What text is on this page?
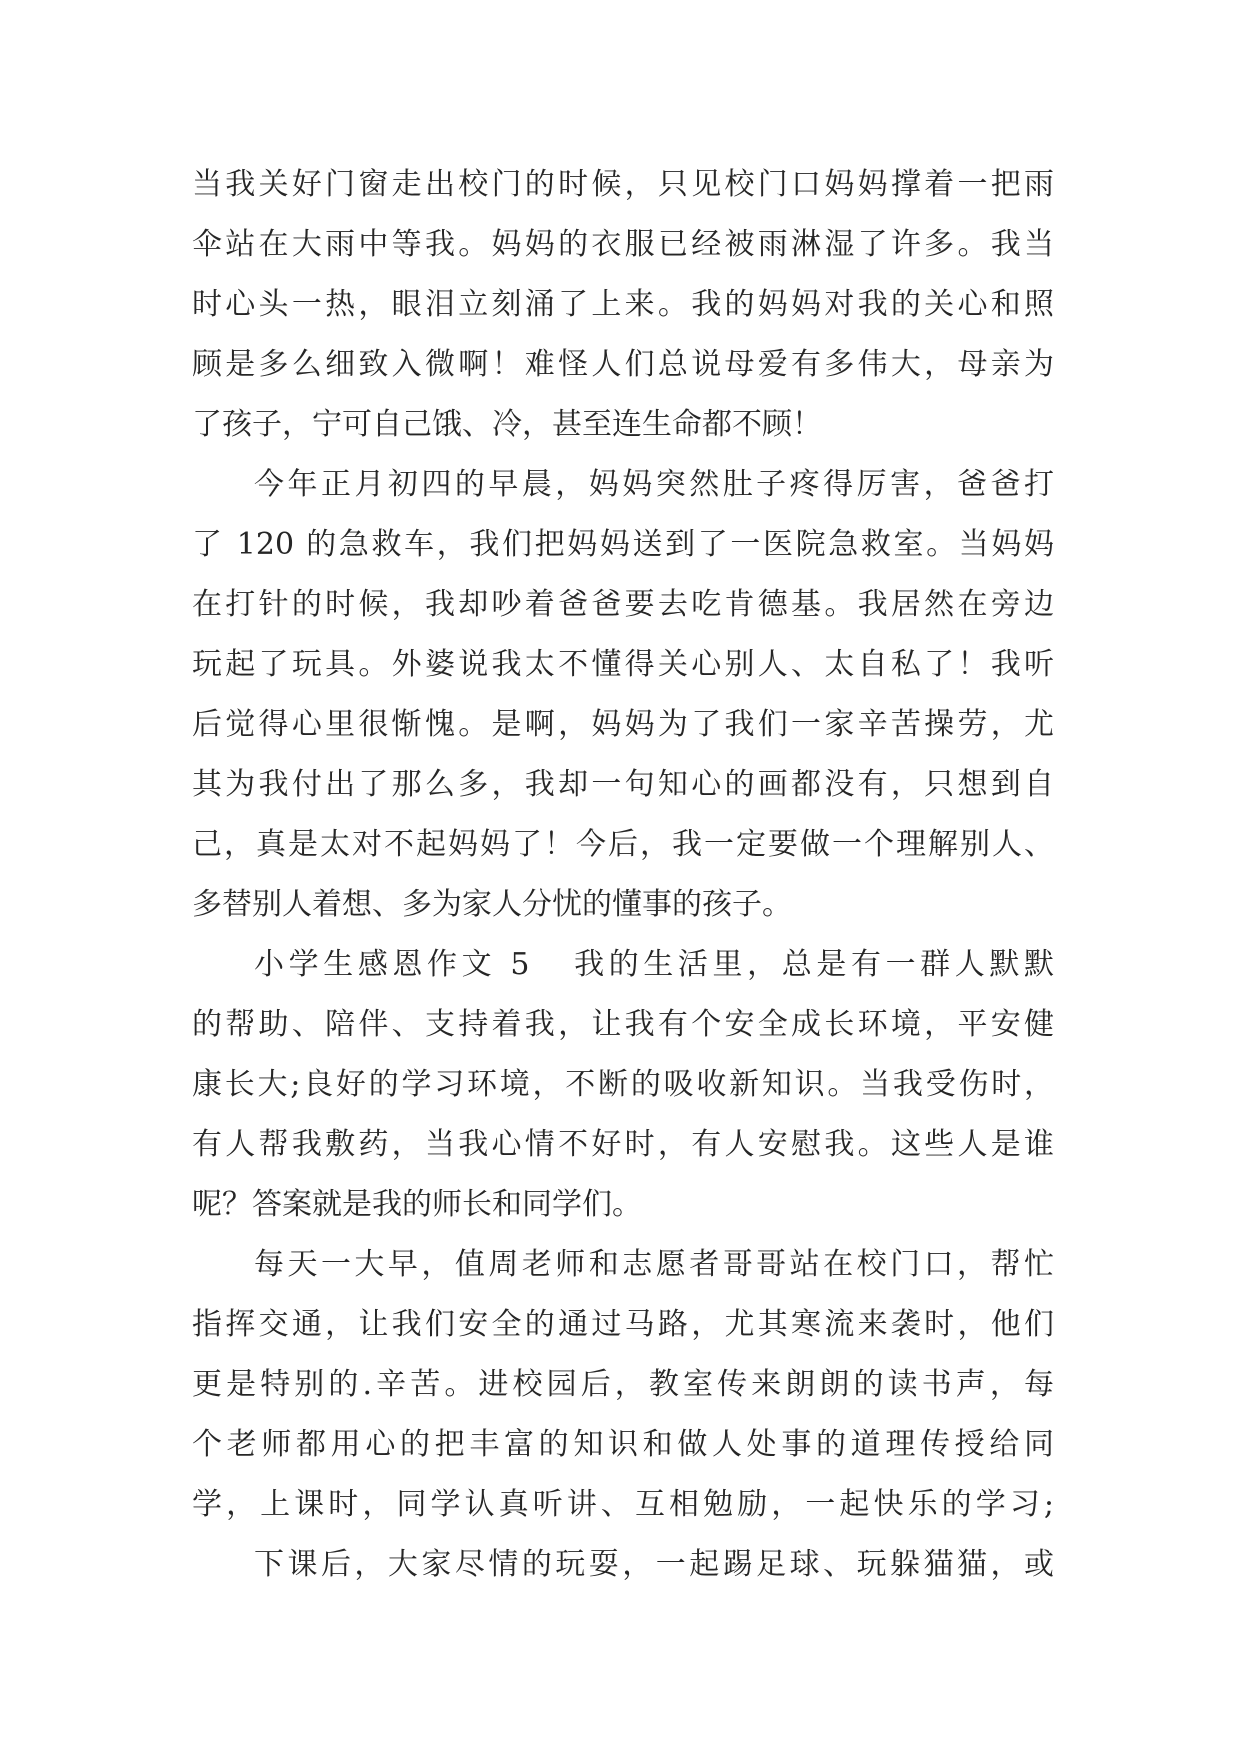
当我关好门窗走出校门的时候，只见校门口妈妈撑着一把雨
伞站在大雨中等我。妈妈的衣服已经被雨淋湿了许多。我当
时心头一热，眼泪立刻涌了上来。我的妈妈对我的关心和照
顾是多么细致入微啊！难怪人们总说母爱有多伟大，母亲为
了孩子，宁可自己饿、冷，甚至连生命都不顾！
今年正月初四的早晨，妈妈突然肚子疼得厉害，爸爸打
了 120 的急救车，我们把妈妈送到了一医院急救室。当妈妈
在打针的时候，我却吵着爸爸要去吃肯德基。我居然在旁边
玩起了玩具。外婆说我太不懂得关心别人、太自私了！我听
后觉得心里很惭愧。是啊，妈妈为了我们一家辛苦操劳，尤
其为我付出了那么多，我却一句知心的画都没有，只想到自
己，真是太对不起妈妈了！今后，我一定要做一个理解别人、
多替别人着想、多为家人分忧的懂事的孩子。
小学生感恩作文 5 我的生活里，总是有一群人默默
的帮助、陪伴、支持着我，让我有个安全成长环境，平安健
康长大;良好的学习环境，不断的吸收新知识。当我受伤时，
有人帮我敷药，当我心情不好时，有人安慰我。这些人是谁
呢？答案就是我的师长和同学们。
每天一大早，值周老师和志愿者哥哥站在校门口，帮忙
指挥交通，让我们安全的通过马路，尤其寒流来袭时，他们
更是特别的.辛苦。进校园后，教室传来朗朗的读书声，每
个老师都用心的把丰富的知识和做人处事的道理传授给同
学，上课时，同学认真听讲、互相勉励，一起快乐的学习;
下课后，大家尽情的玩耍，一起踢足球、玩躲猫猫，或
